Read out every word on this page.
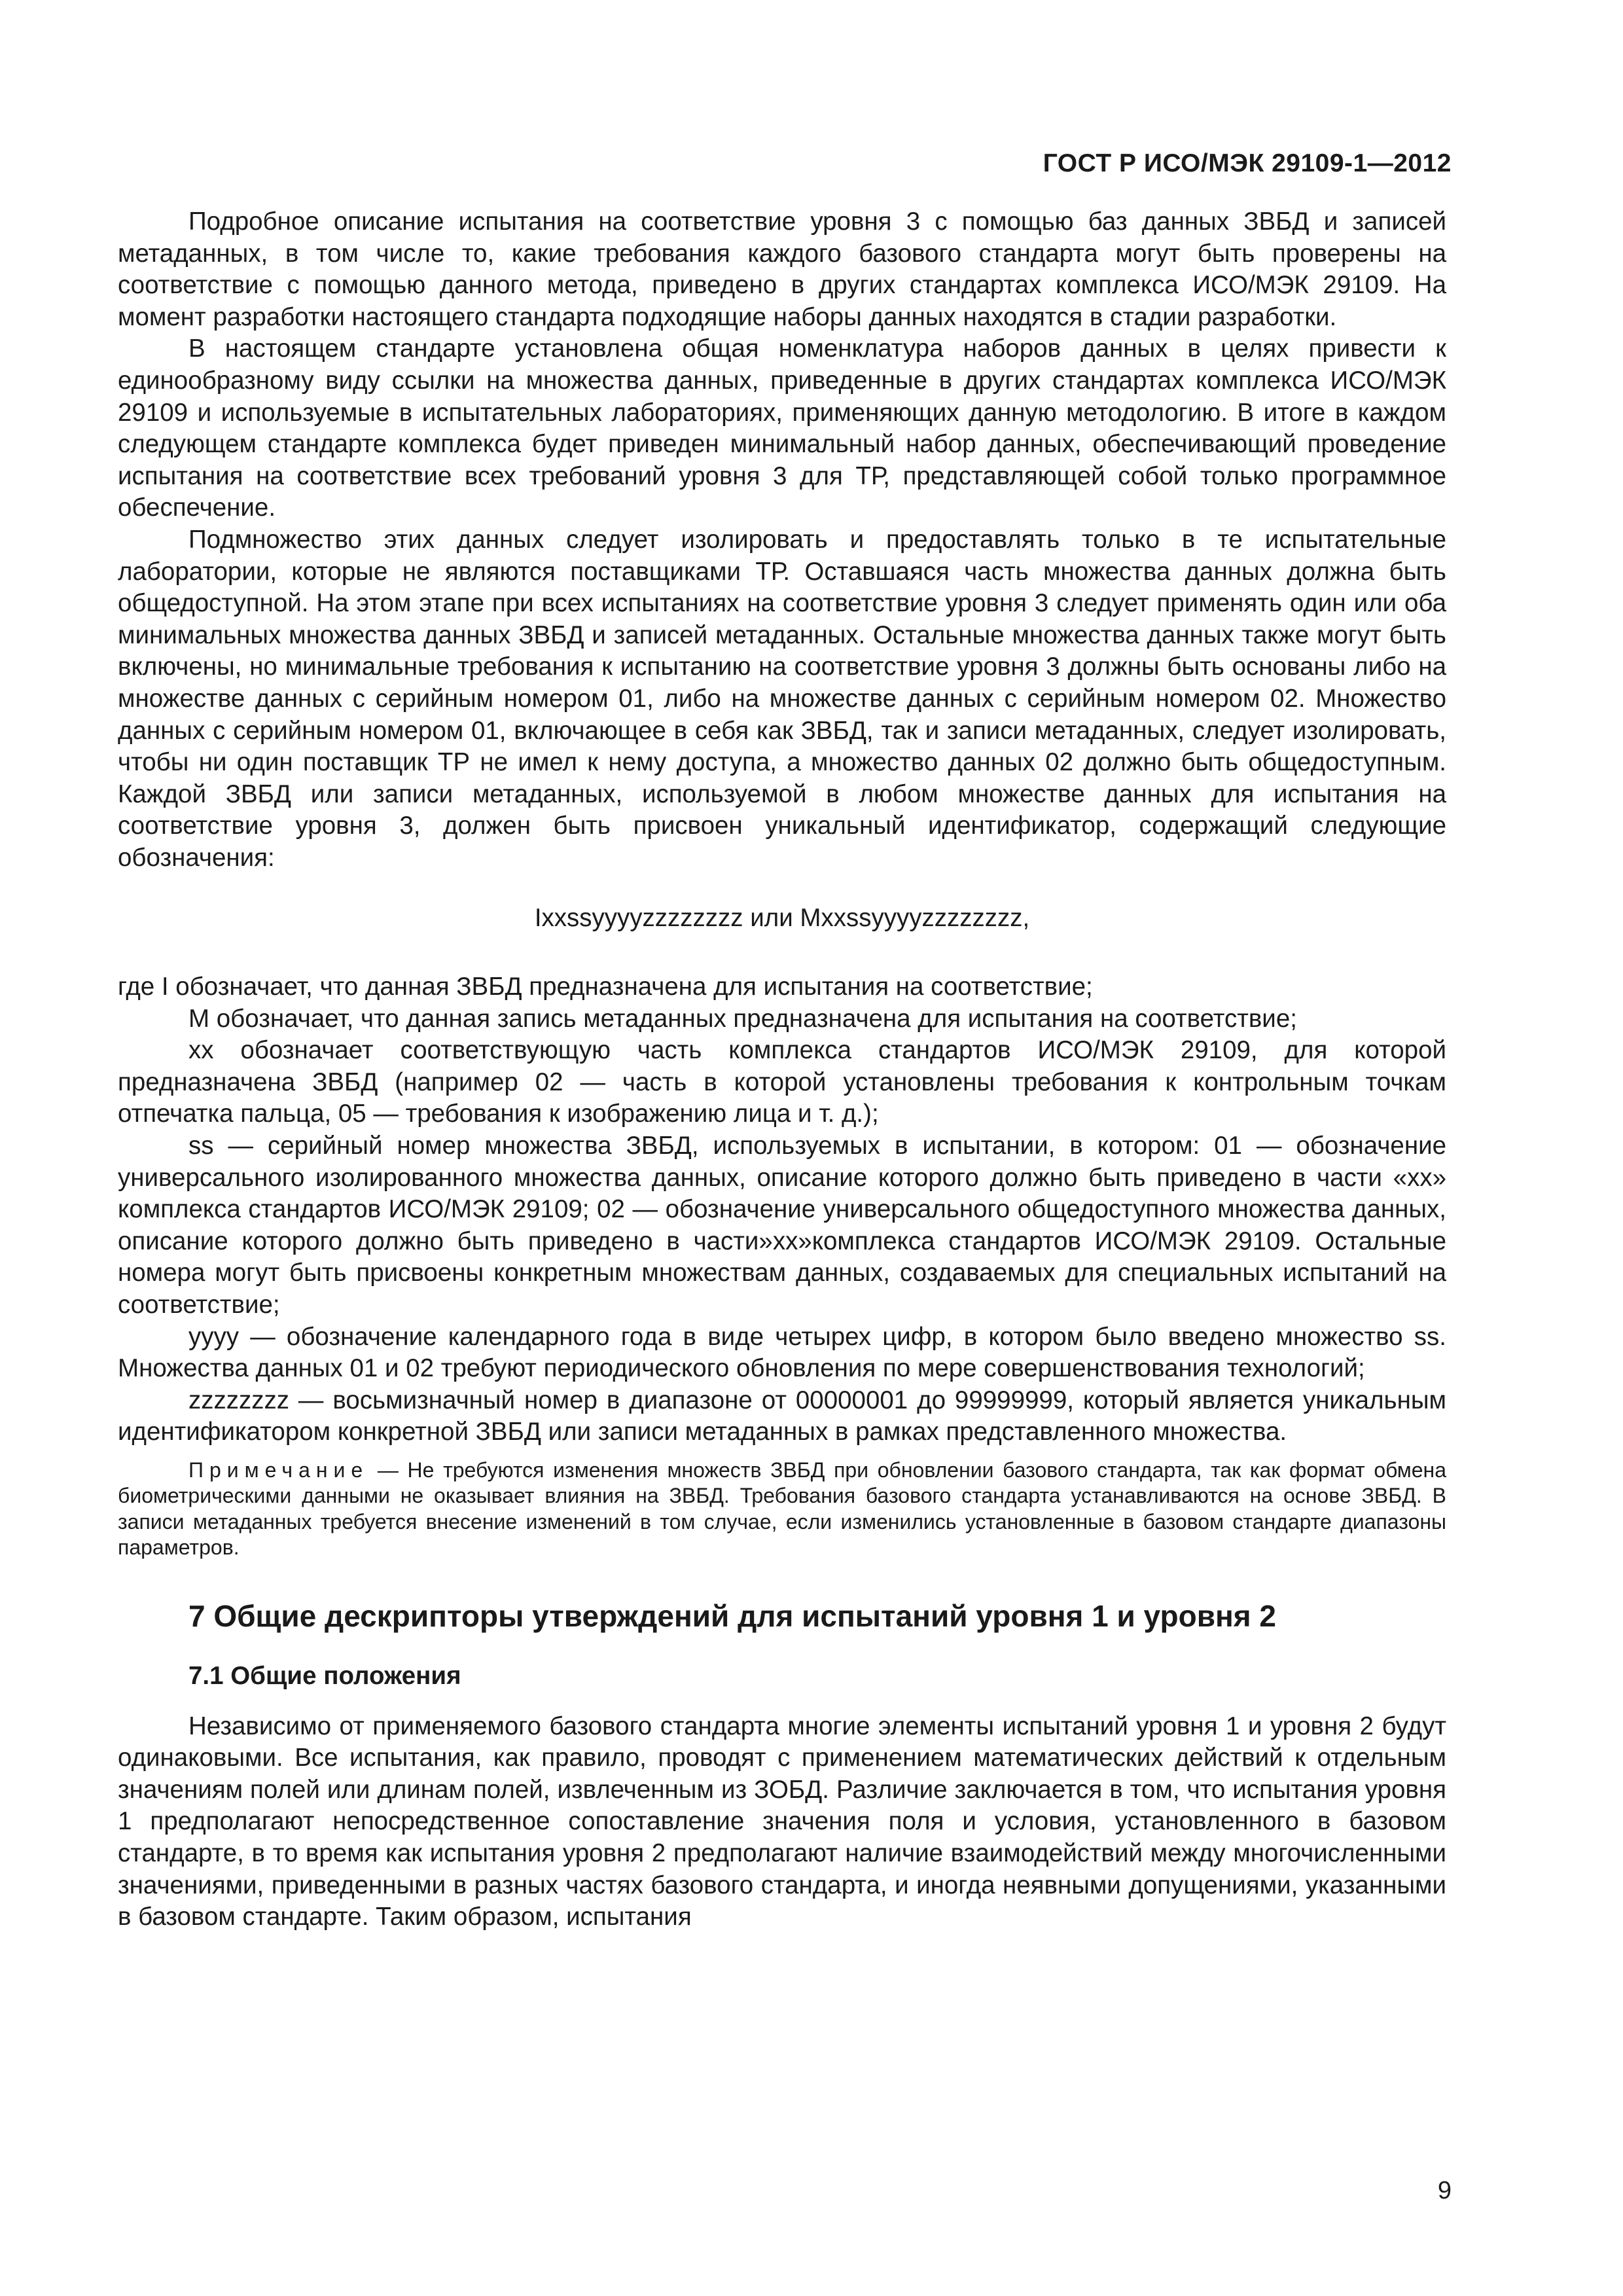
ГОСТ Р ИСО/МЭК 29109-1—2012

Подробное описание испытания на соответствие уровня 3 с помощью баз данных ЗВБД и записей метаданных, в том числе то, какие требования каждого базового стандарта могут быть проверены на соответствие с помощью данного метода, приведено в других стандартах комплекса ИСО/МЭК 29109. На момент разработки настоящего стандарта подходящие наборы данных находятся в стадии разработки.

В настоящем стандарте установлена общая номенклатура наборов данных в целях привести к единообразному виду ссылки на множества данных, приведенные в других стандартах комплекса ИСО/МЭК 29109 и используемые в испытательных лабораториях, применяющих данную методологию. В итоге в каждом следующем стандарте комплекса будет приведен минимальный набор данных, обеспечивающий проведение испытания на соответствие всех требований уровня 3 для ТР, представляющей собой только программное обеспечение.

Подмножество этих данных следует изолировать и предоставлять только в те испытательные лаборатории, которые не являются поставщиками ТР. Оставшаяся часть множества данных должна быть общедоступной. На этом этапе при всех испытаниях на соответствие уровня 3 следует применять один или оба минимальных множества данных ЗВБД и записей метаданных. Остальные множества данных также могут быть включены, но минимальные требования к испытанию на соответствие уровня 3 должны быть основаны либо на множестве данных с серийным номером 01, либо на множестве данных с серийным номером 02. Множество данных с серийным номером 01, включающее в себя как ЗВБД, так и записи метаданных, следует изолировать, чтобы ни один поставщик ТР не имел к нему доступа, а множество данных 02 должно быть общедоступным. Каждой ЗВБД или записи метаданных, используемой в любом множестве данных для испытания на соответствие уровня 3, должен быть присвоен уникальный идентификатор, содержащий следующие обозначения:

Ixxssyyyyzzzzzzzz или Mxxssyyyyzzzzzzzz,

где I обозначает, что данная ЗВБД предназначена для испытания на соответствие;

M обозначает, что данная запись метаданных предназначена для испытания на соответствие;

xx обозначает соответствующую часть комплекса стандартов ИСО/МЭК 29109, для которой предназначена ЗВБД (например 02 — часть в которой установлены требования к контрольным точкам отпечатка пальца, 05 — требования к изображению лица и т. д.);

ss — серийный номер множества ЗВБД, используемых в испытании, в котором: 01 — обозначение универсального изолированного множества данных, описание которого должно быть приведено в части «xx» комплекса стандартов ИСО/МЭК 29109; 02 — обозначение универсального общедоступного множества данных, описание которого должно быть приведено в части»xx»комплекса стандартов ИСО/МЭК 29109. Остальные номера могут быть присвоены конкретным множествам данных, создаваемых для специальных испытаний на соответствие;

yyyy — обозначение календарного года в виде четырех цифр, в котором было введено множество ss. Множества данных 01 и 02 требуют периодического обновления по мере совершенствования технологий;

zzzzzzzz — восьмизначный номер в диапазоне от 00000001 до 99999999, который является уникальным идентификатором конкретной ЗВБД или записи метаданных в рамках представленного множества.

Примечание — Не требуются изменения множеств ЗВБД при обновлении базового стандарта, так как формат обмена биометрическими данными не оказывает влияния на ЗВБД. Требования базового стандарта устанавливаются на основе ЗВБД. В записи метаданных требуется внесение изменений в том случае, если изменились установленные в базовом стандарте диапазоны параметров.

7 Общие дескрипторы утверждений для испытаний уровня 1 и уровня 2

7.1 Общие положения

Независимо от применяемого базового стандарта многие элементы испытаний уровня 1 и уровня 2 будут одинаковыми. Все испытания, как правило, проводят с применением математических действий к отдельным значениям полей или длинам полей, извлеченным из ЗОБД. Различие заключается в том, что испытания уровня 1 предполагают непосредственное сопоставление значения поля и условия, установленного в базовом стандарте, в то время как испытания уровня 2 предполагают наличие взаимодействий между многочисленными значениями, приведенными в разных частях базового стандарта, и иногда неявными допущениями, указанными в базовом стандарте. Таким образом, испытания

9
